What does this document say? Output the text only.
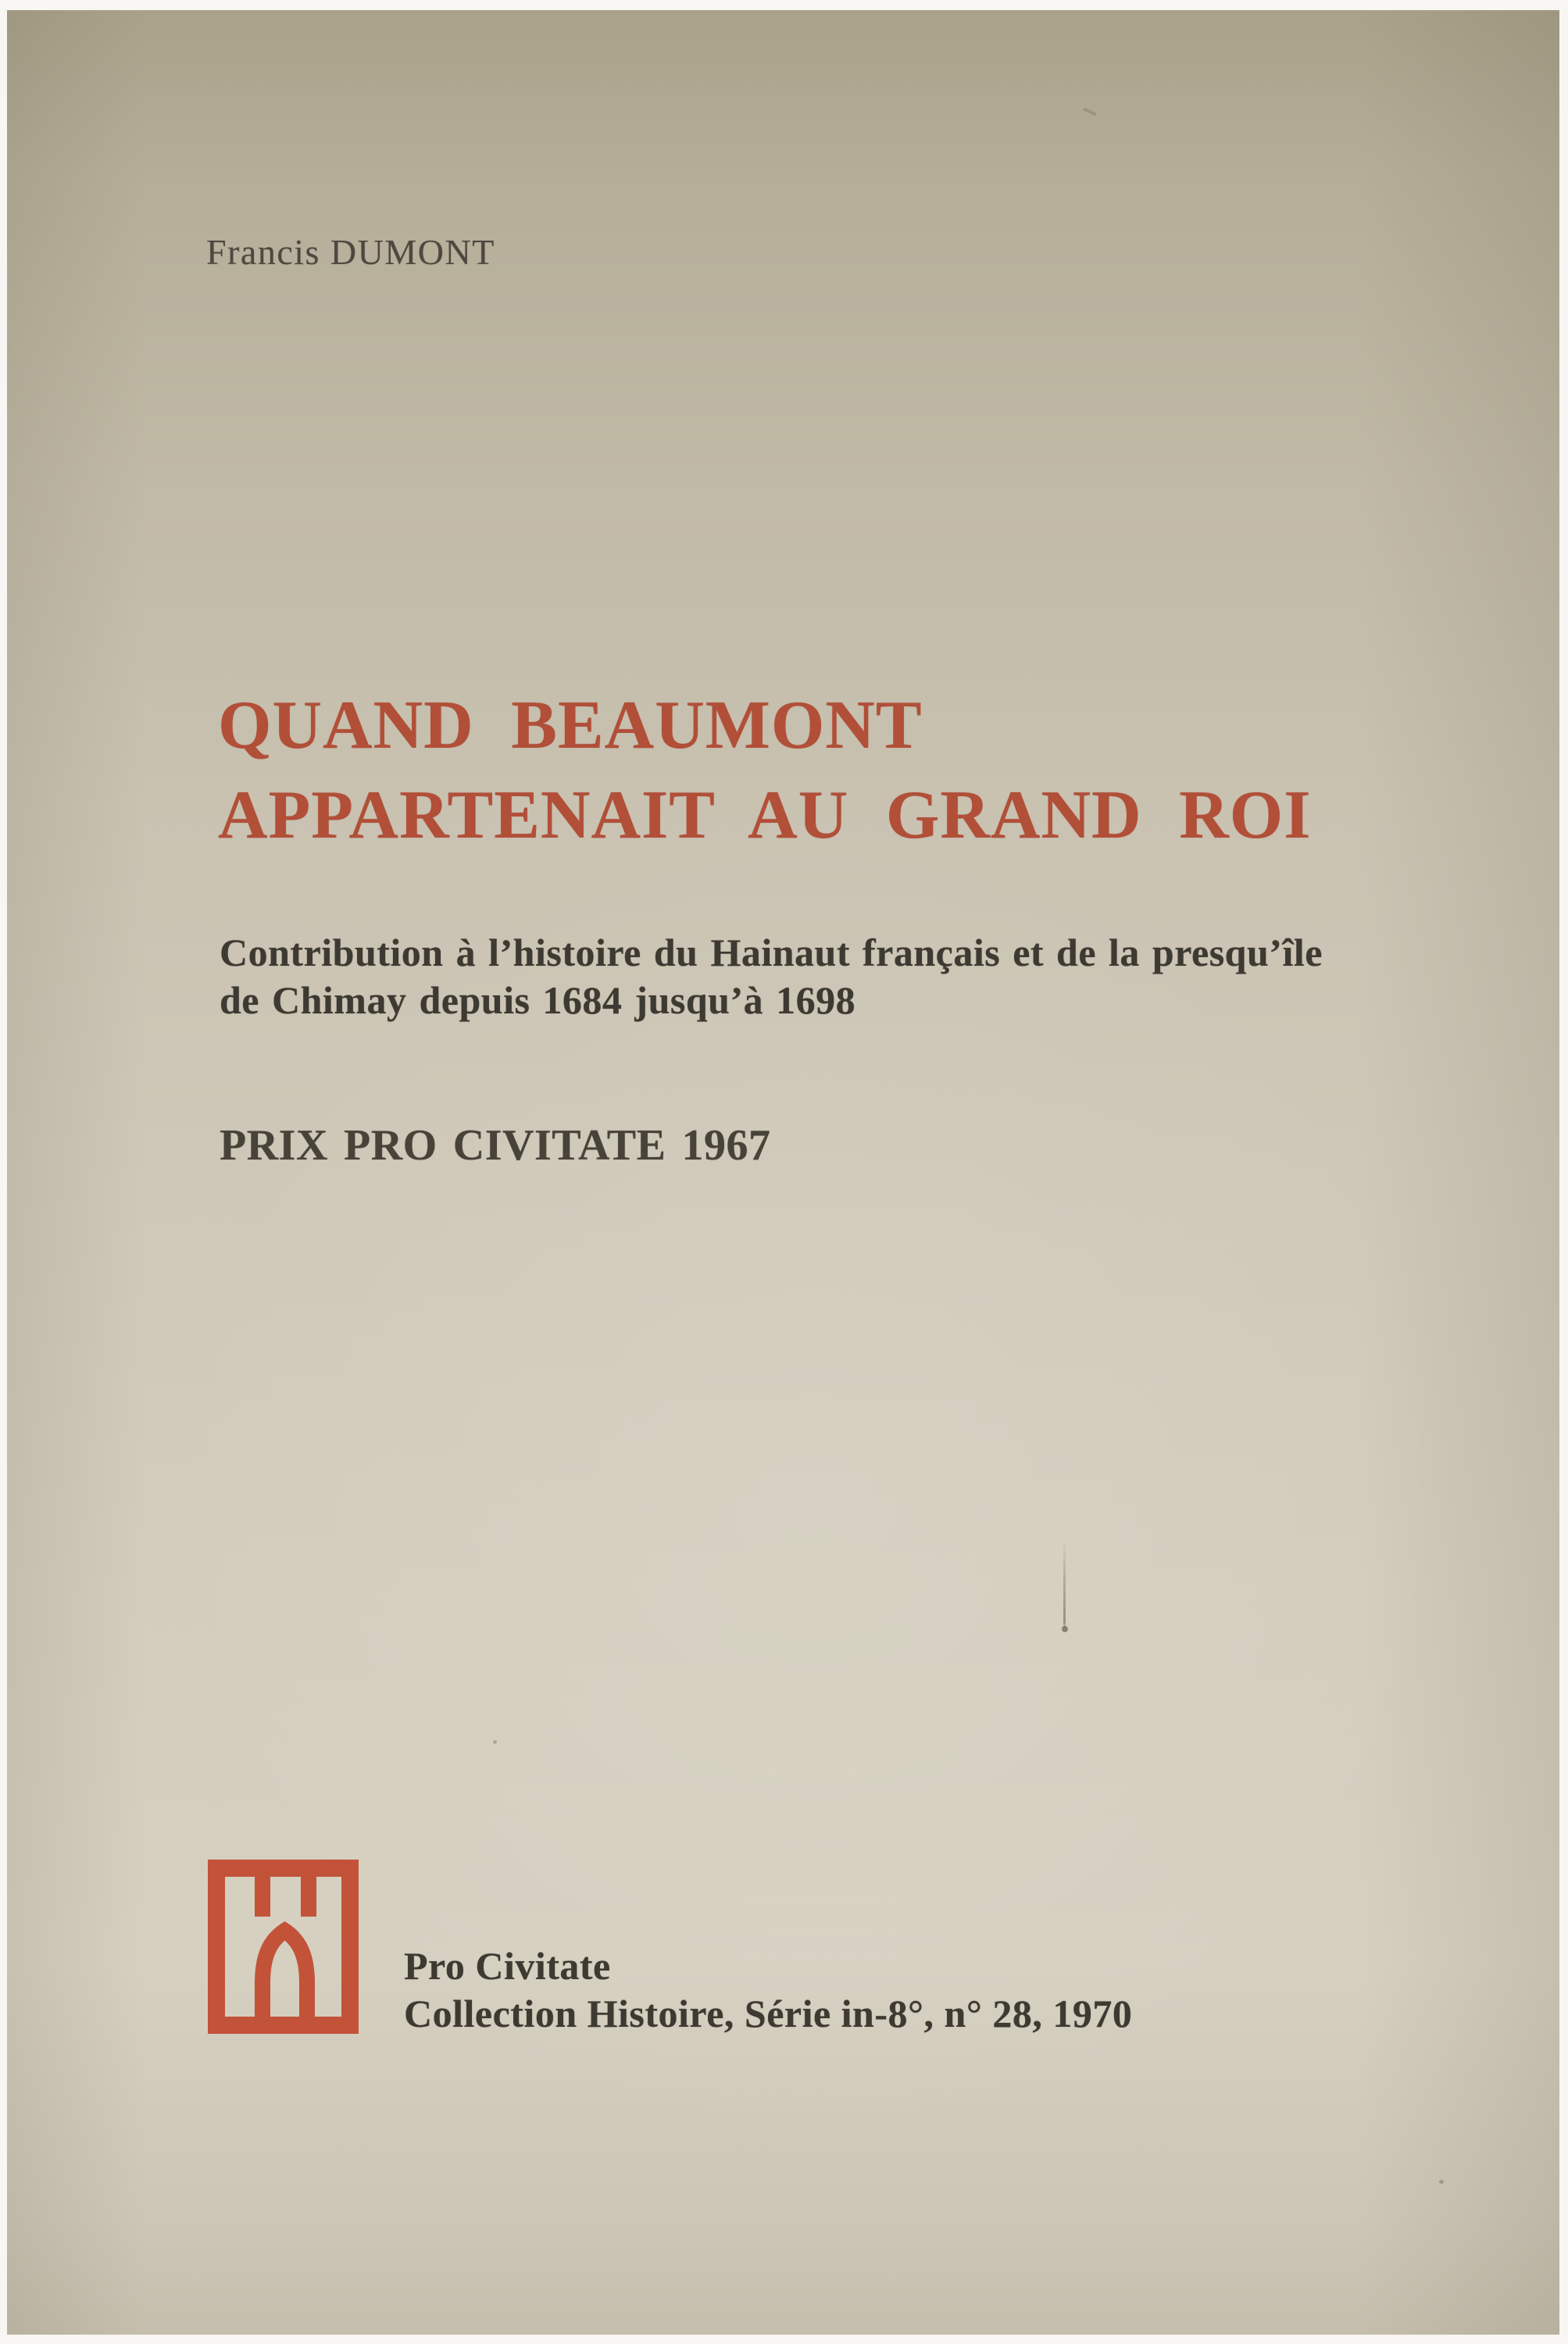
Francis DUMONT
QUAND BEAUMONT
APPARTENAIT AU GRAND ROI
Contribution à l’histoire du Hainaut français et de la presqu’île
de Chimay depuis 1684 jusqu’à 1698
PRIX PRO CIVITATE 1967
Pro Civitate
Collection Histoire, Série in-8°, n° 28, 1970
